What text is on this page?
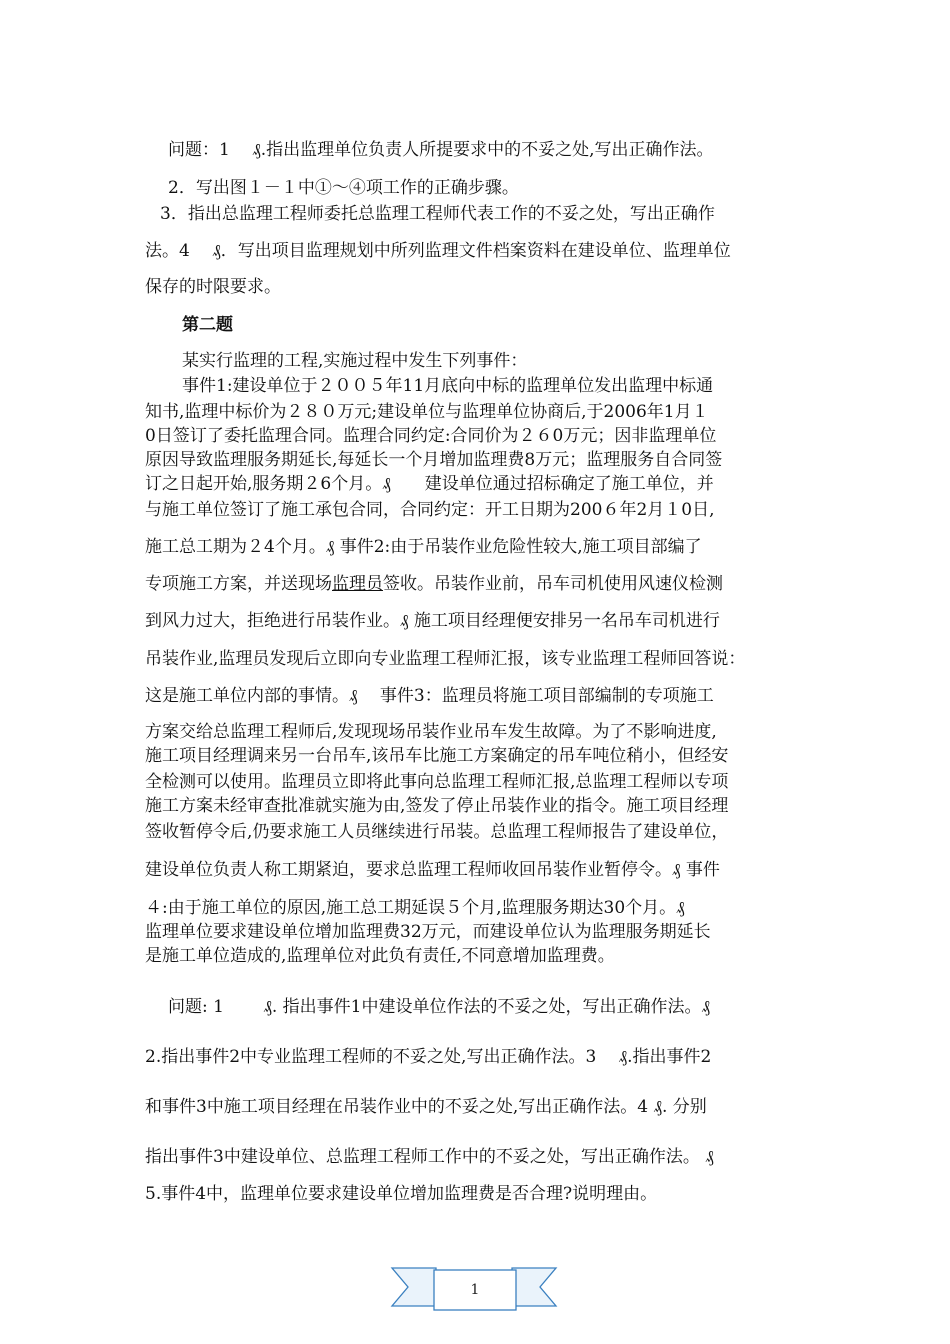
问题：1　 ₰.指出监理单位负责人所提要求中的不妥之处,写出正确作法。
2．写出图１－１中①～④项工作的正确步骤。
3．指出总监理工程师委托总监理工程师代表工作的不妥之处，写出正确作
法。4　 ₰．写出项目监理规划中所列监理文件档案资料在建设单位、监理单位
保存的时限要求。
第二题
某实行监理的工程,实施过程中发生下列事件：
事件1:建设单位于２００５年11月底向中标的监理单位发出监理中标通
知书,监理中标价为２８０万元;建设单位与监理单位协商后,于2006年1月１
0日签订了委托监理合同。监理合同约定:合同价为２６0万元；因非监理单位
原因导致监理服务期延长,每延长一个月增加监理费8万元；监理服务自合同签
订之日起开始,服务期２6个月。₰　　建设单位通过招标确定了施工单位，并
与施工单位签订了施工承包合同，合同约定：开工日期为200６年2月１0日,
施工总工期为２4个月。₰ 事件2:由于吊装作业危险性较大,施工项目部编了
专项施工方案，并送现场监理员签收。吊装作业前，吊车司机使用风速仪检测
到风力过大，拒绝进行吊装作业。₰ 施工项目经理便安排另一名吊车司机进行
吊装作业,监理员发现后立即向专业监理工程师汇报，该专业监理工程师回答说：
这是施工单位内部的事情。₰　 事件3：监理员将施工项目部编制的专项施工
方案交给总监理工程师后,发现现场吊装作业吊车发生故障。为了不影响进度,
施工项目经理调来另一台吊车,该吊车比施工方案确定的吊车吨位稍小，但经安
全检测可以使用。监理员立即将此事向总监理工程师汇报,总监理工程师以专项
施工方案未经审查批准就实施为由,签发了停止吊装作业的指令。施工项目经理
签收暂停令后,仍要求施工人员继续进行吊装。总监理工程师报告了建设单位，
建设单位负责人称工期紧迫，要求总监理工程师收回吊装作业暂停令。₰ 事件
４:由于施工单位的原因,施工总工期延误５个月,监理服务期达30个月。₰
监理单位要求建设单位增加监理费32万元，而建设单位认为监理服务期延长
是施工单位造成的,监理单位对此负有责任,不同意增加监理费。
问题: 1　　 ₰. 指出事件1中建设单位作法的不妥之处，写出正确作法。₰
2.指出事件2中专业监理工程师的不妥之处,写出正确作法。3　 ₰.指出事件2
和事件3中施工项目经理在吊装作业中的不妥之处,写出正确作法。4 ₰. 分别
指出事件3中建设单位、总监理工程师工作中的不妥之处，写出正确作法。 ₰
5.事件4中，监理单位要求建设单位增加监理费是否合理?说明理由。
1
